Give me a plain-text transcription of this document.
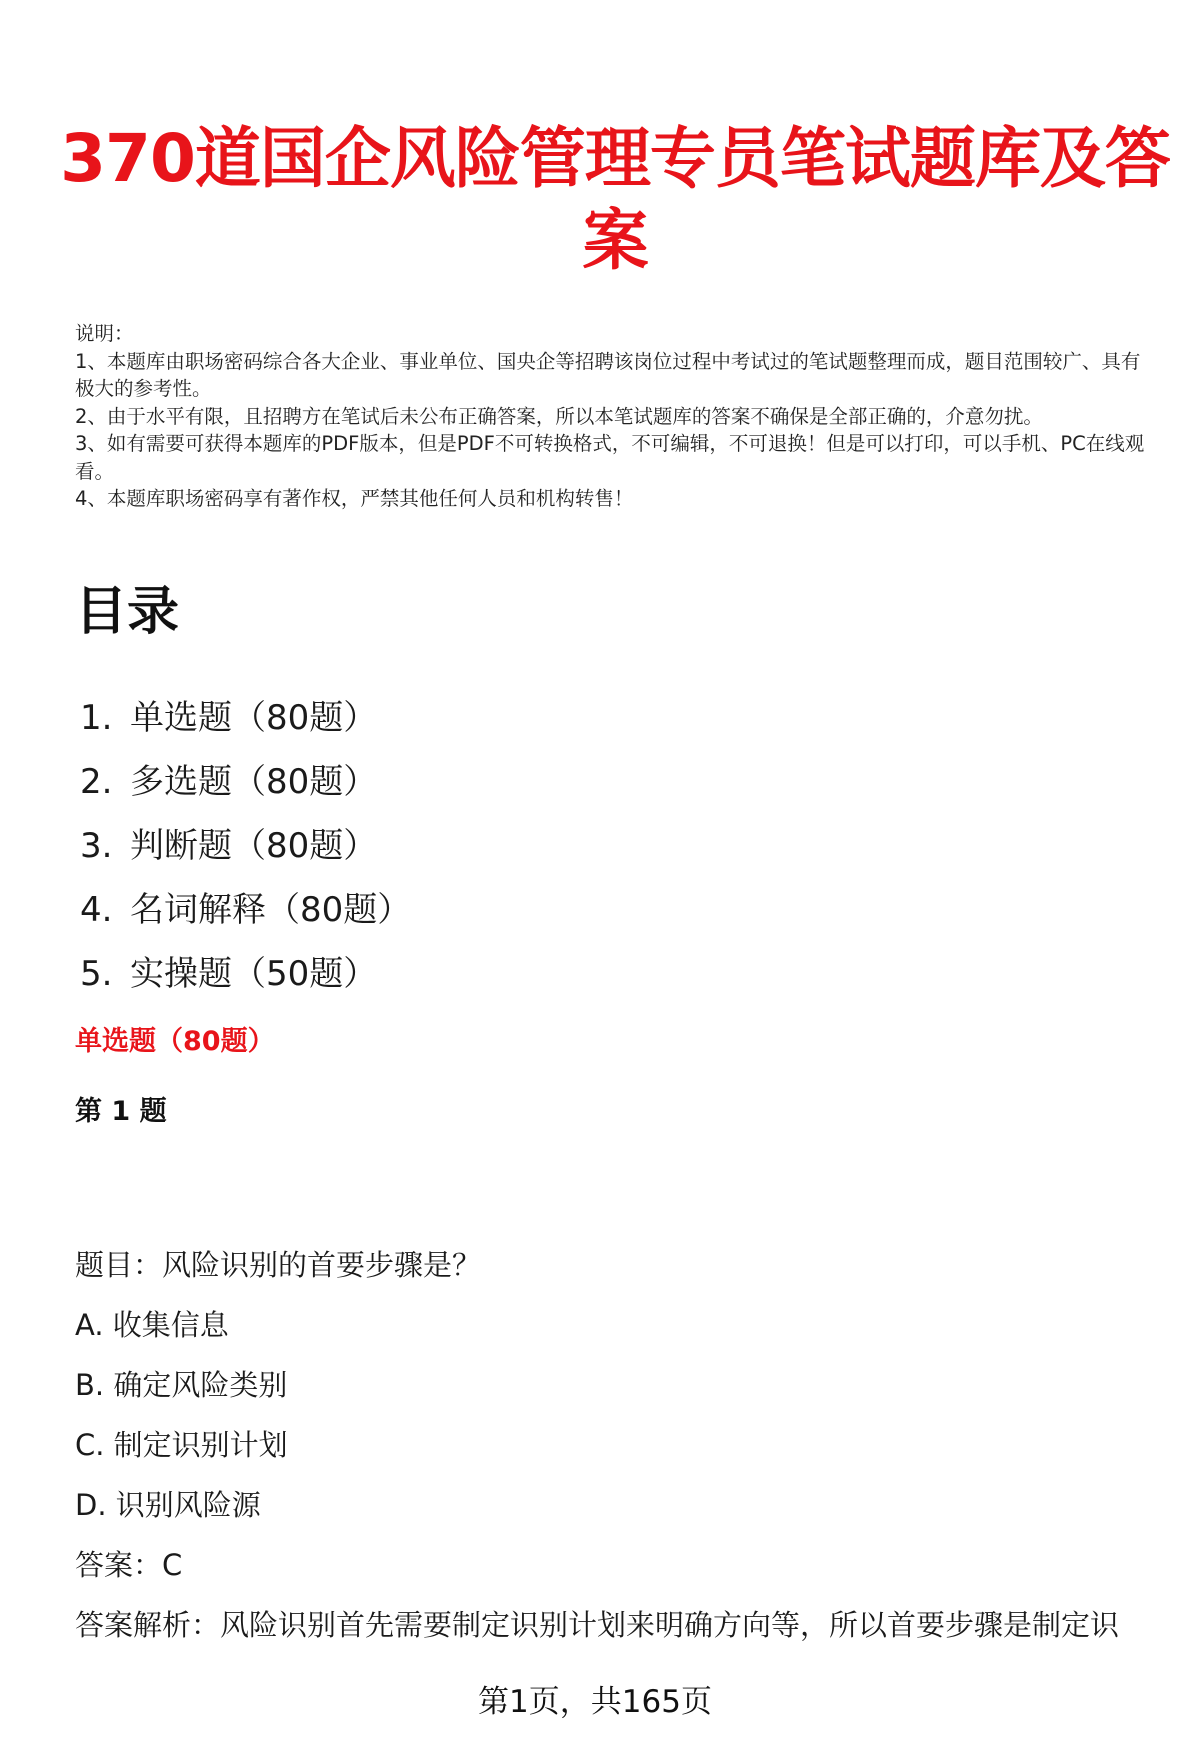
370道国企风险管理专员笔试题库及答案

说明：

1、本题库由职场密码综合各大企业、事业单位、国央企等招聘该岗位过程中考试过的笔试题整理而成，题目范围较广、具有极大的参考性。

2、由于水平有限，且招聘方在笔试后未公布正确答案，所以本笔试题库的答案不确保是全部正确的，介意勿扰。

3、如有需要可获得本题库的PDF版本，但是PDF不可转换格式，不可编辑，不可退换！但是可以打印，可以手机、PC在线观看。

4、本题库职场密码享有著作权，严禁其他任何人员和机构转售！

目录
1. 单选题（80题）
2. 多选题（80题）
3. 判断题（80题）
4. 名词解释（80题）
5. 实操题（50题）
单选题（80题）
第 1 题
题目：风险识别的首要步骤是？
A. 收集信息
B. 确定风险类别
C. 制定识别计划
D. 识别风险源
答案：C
答案解析：风险识别首先需要制定识别计划来明确方向等，所以首要步骤是制定识
第1页，共165页
